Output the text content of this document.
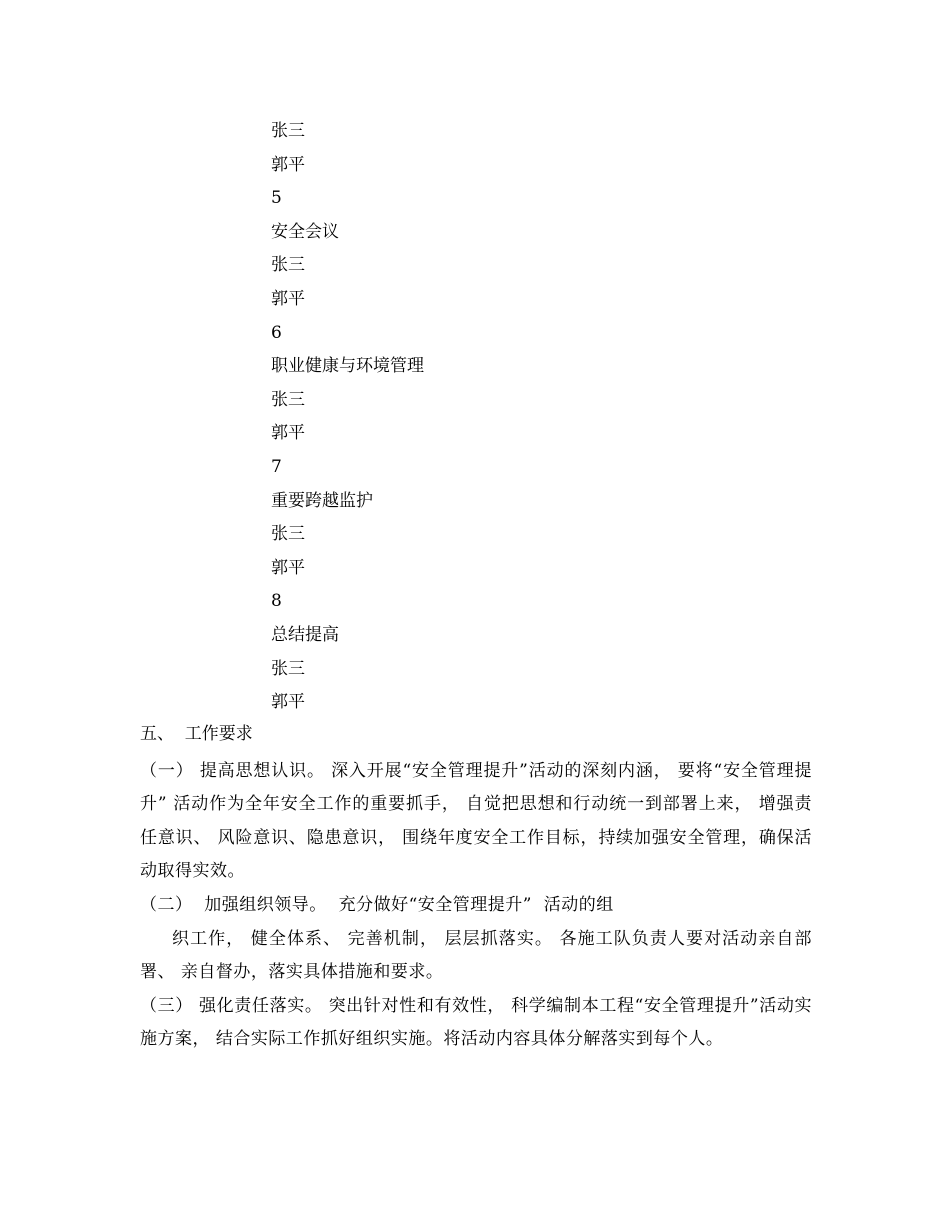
张三
郭平
5
安全会议
张三
郭平
6
职业健康与环境管理
张三
郭平
7
重要跨越监护
张三
郭平
8
总结提高
张三
郭平

五、  工作要求

（一） 提高思想认识。 深入开展“安全管理提升”活动的深刻内涵， 要将“安全管理提升” 活动作为全年安全工作的重要抓手， 自觉把思想和行动统一到部署上来， 增强责任意识、 风险意识、隐患意识， 围绕年度安全工作目标，持续加强安全管理，确保活动取得实效。

（二）  加强组织领导。  充分做好“安全管理提升”  活动的组

织工作， 健全体系、 完善机制， 层层抓落实。 各施工队负责人要对活动亲自部署、 亲自督办，落实具体措施和要求。

（三） 强化责任落实。 突出针对性和有效性， 科学编制本工程“安全管理提升”活动实施方案， 结合实际工作抓好组织实施。将活动内容具体分解落实到每个人。
